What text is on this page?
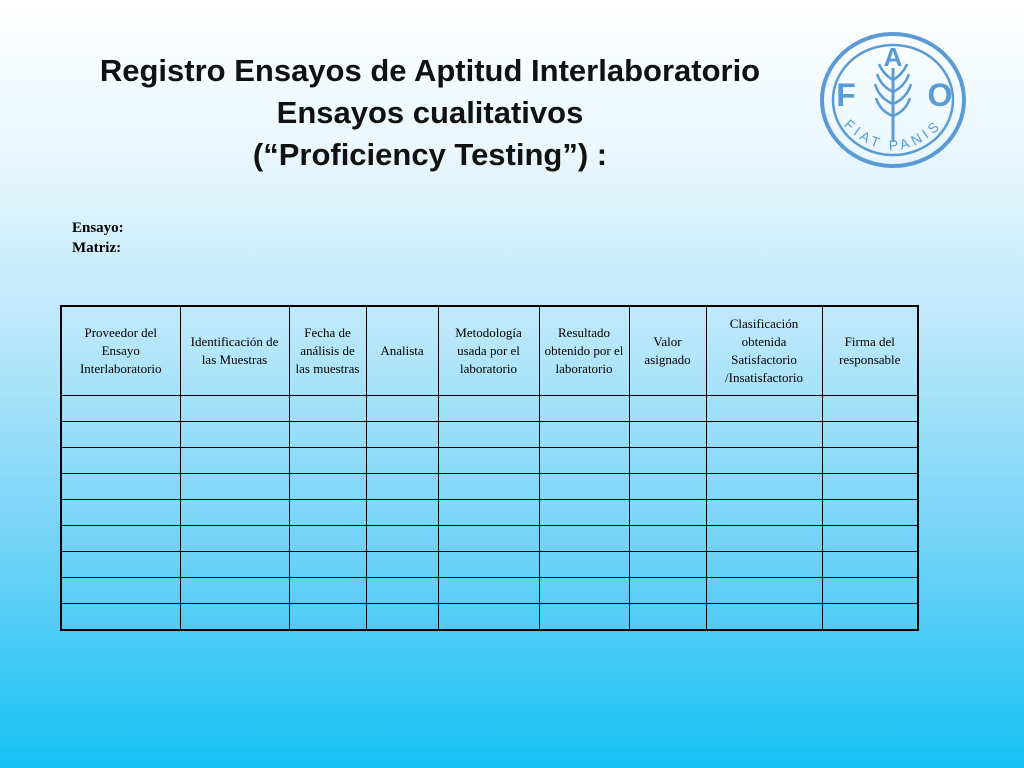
Registro Ensayos de Aptitud Interlaboratorio
Ensayos cualitativos
(“Proficiency Testing”) :
A
F O
FIAT PANIS
Ensayo:
Matriz:
Proveedor del Ensayo Interlaboratorio	Identificación de las Muestras	Fecha de análisis de las muestras	Analista	Metodología usada por el laboratorio	Resultado obtenido por el laboratorio	Valor asignado	Clasificación obtenida Satisfactorio /Insatisfactorio	Firma del responsable
